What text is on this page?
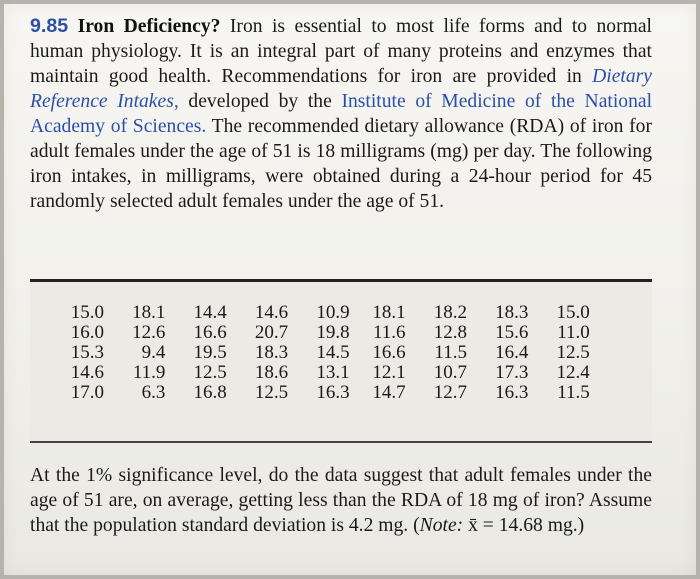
9.85 Iron Deficiency? Iron is essential to most life forms and to normal human physiology. It is an integral part of many proteins and enzymes that maintain good health. Recommendations for iron are provided in Dietary Reference Intakes, developed by the Institute of Medicine of the National Academy of Sciences. The recommended dietary allowance (RDA) of iron for adult females under the age of 51 is 18 milligrams (mg) per day. The following iron intakes, in milligrams, were obtained during a 24-hour period for 45 randomly selected adult females under the age of 51.
15.0	18.1	14.4	14.6	10.9	18.1	18.2	18.3	15.0
16.0	12.6	16.6	20.7	19.8	11.6	12.8	15.6	11.0
15.3	9.4	19.5	18.3	14.5	16.6	11.5	16.4	12.5
14.6	11.9	12.5	18.6	13.1	12.1	10.7	17.3	12.4
17.0	6.3	16.8	12.5	16.3	14.7	12.7	16.3	11.5
At the 1% significance level, do the data suggest that adult females under the age of 51 are, on average, getting less than the RDA of 18 mg of iron? Assume that the population standard deviation is 4.2 mg. (Note: x̄ = 14.68 mg.)
